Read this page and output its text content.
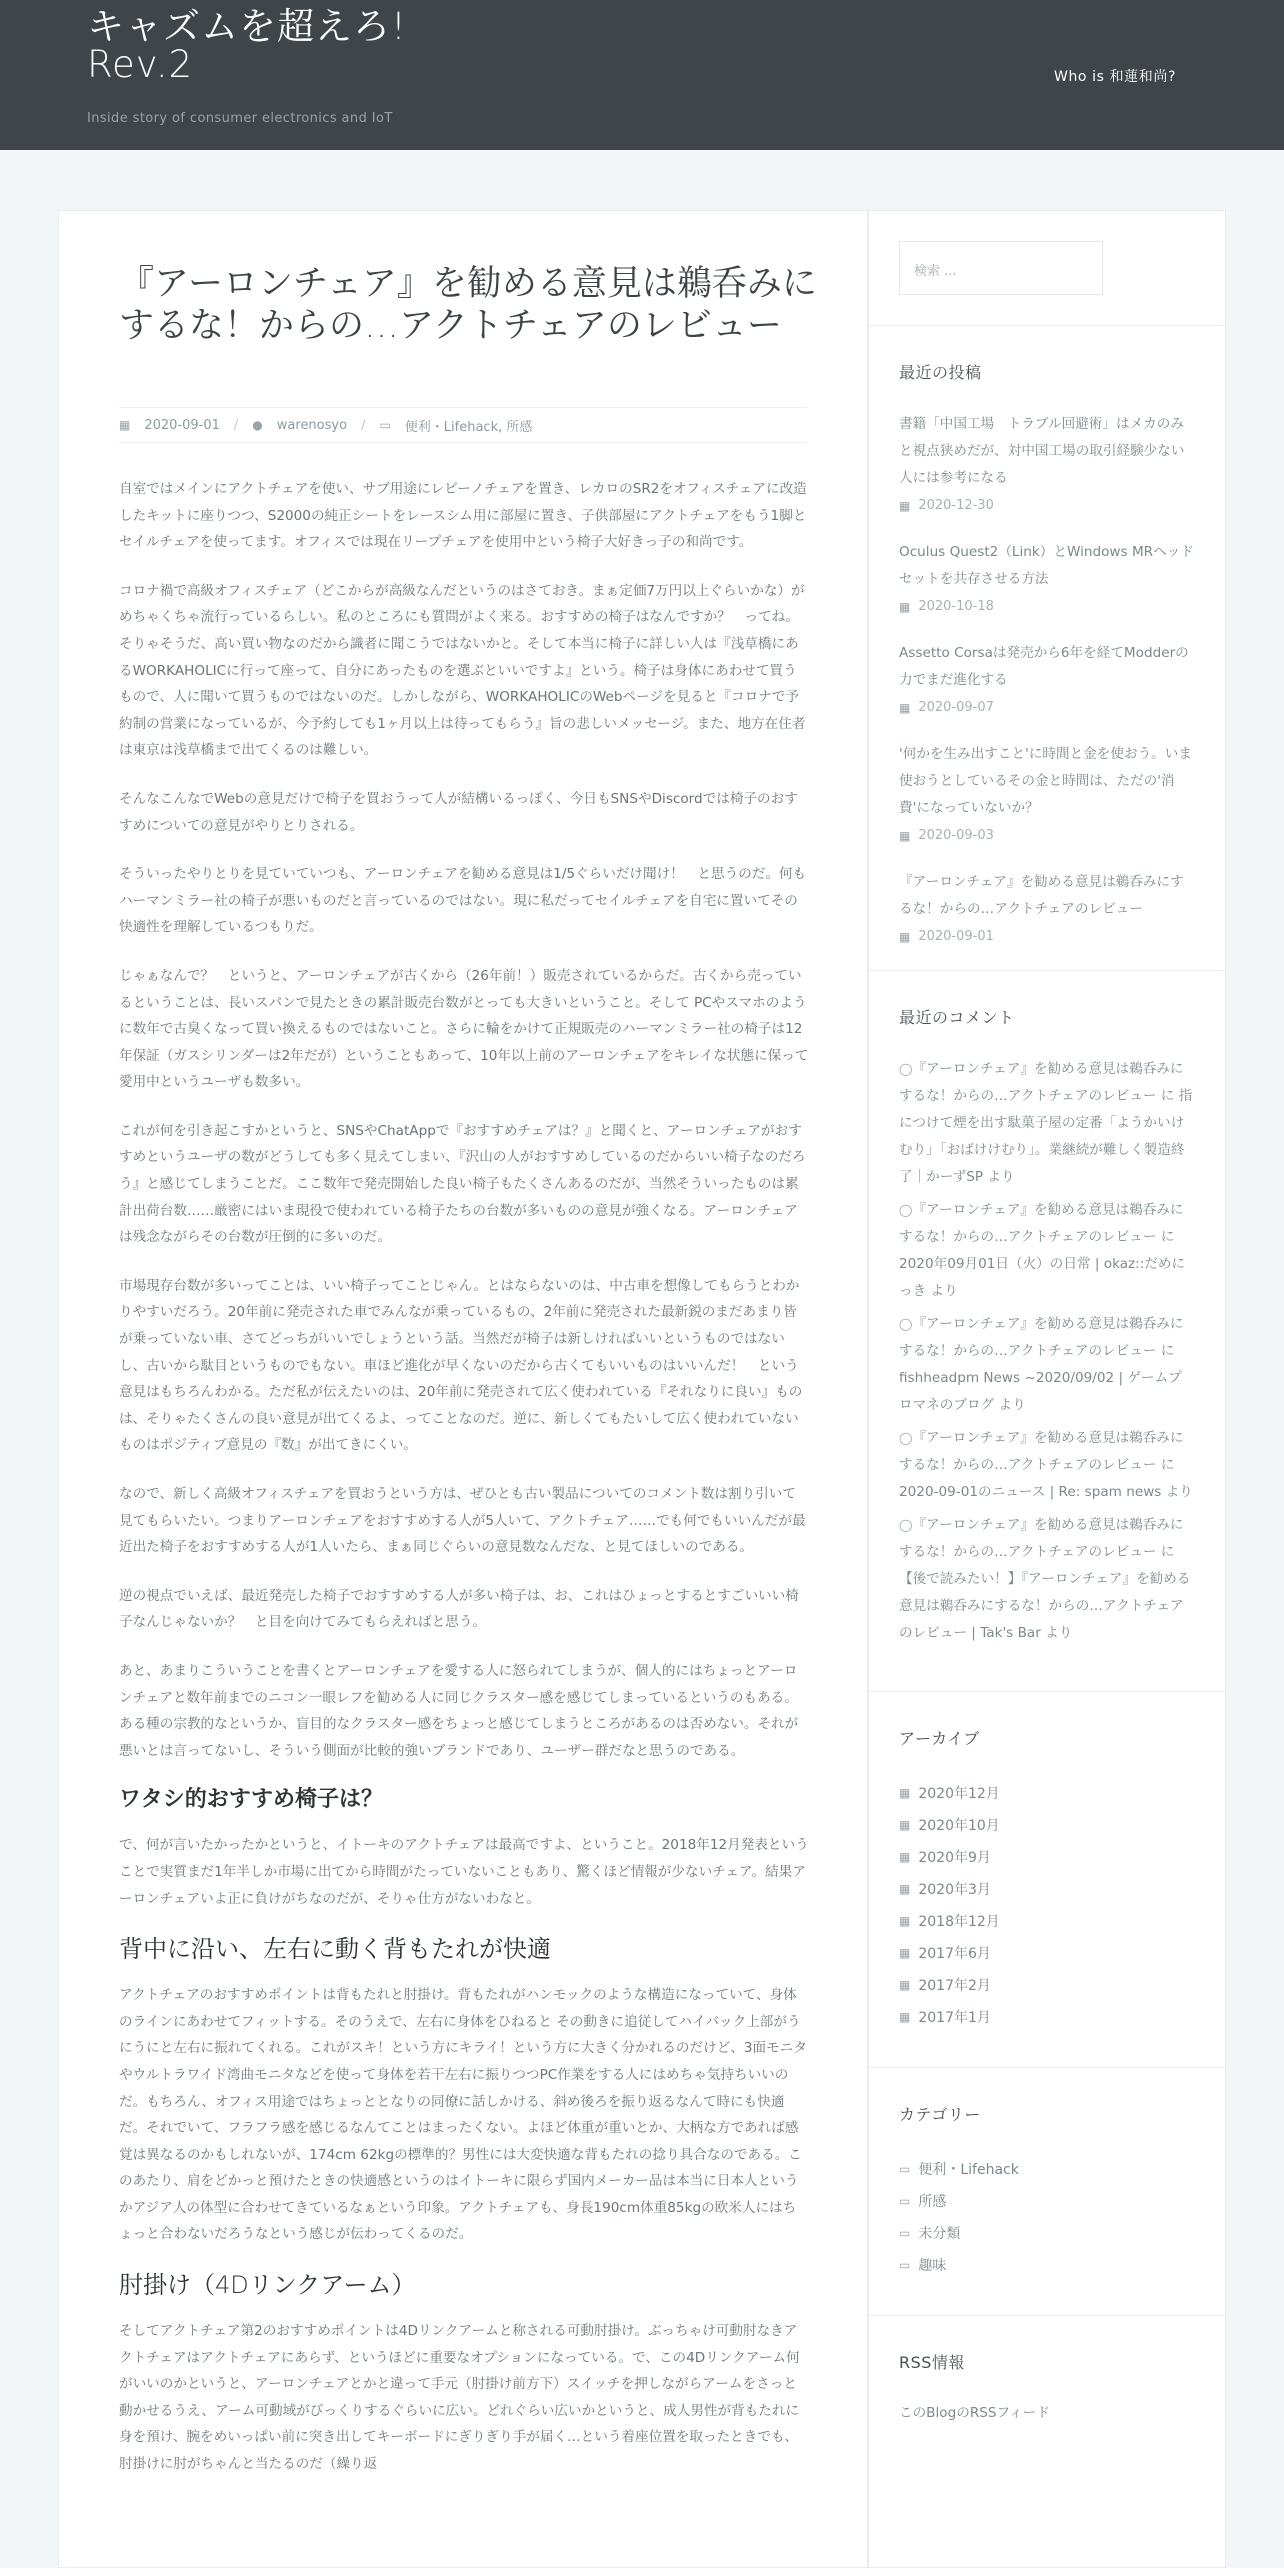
キャズムを超えろ!
Rev.2
Inside story of consumer electronics and IoT
Who is 和蓮和尚?
『アーロンチェア』を勧める意見は鵜呑みにするな！からの…アクトチェアのレビュー
▦ 2020-09-01 / ● warenosyo / ▭ 便利・Lifehack, 所感

自室ではメインにアクトチェアを使い、サブ用途にレビーノチェアを置き、レカロのSR2をオフィスチェアに改造したキットに座りつつ、S2000の純正シートをレースシム用に部屋に置き、子供部屋にアクトチェアをもう1脚とセイルチェアを使ってます。オフィスでは現在リープチェアを使用中という椅子大好きっ子の和尚です。

コロナ禍で高級オフィスチェア（どこからが高級なんだというのはさておき。まぁ定価7万円以上ぐらいかな）がめちゃくちゃ流行っているらしい。私のところにも質問がよく来る。おすすめの椅子はなんですか？　ってね。そりゃそうだ、高い買い物なのだから識者に聞こうではないかと。そして本当に椅子に詳しい人は『浅草橋にあるWORKAHOLICに行って座って、自分にあったものを選ぶといいですよ』という。椅子は身体にあわせて買うもので、人に聞いて買うものではないのだ。しかしながら、WORKAHOLICのWebページを見ると『コロナで予約制の営業になっているが、今予約しても1ヶ月以上は待ってもらう』旨の悲しいメッセージ。また、地方在住者は東京は浅草橋まで出てくるのは難しい。

そんなこんなでWebの意見だけで椅子を買おうって人が結構いるっぽく、今日もSNSやDiscordでは椅子のおすすめについての意見がやりとりされる。

そういったやりとりを見ていていつも、アーロンチェアを勧める意見は1/5ぐらいだけ聞け！　と思うのだ。何もハーマンミラー社の椅子が悪いものだと言っているのではない。現に私だってセイルチェアを自宅に置いてその快適性を理解しているつもりだ。

じゃぁなんで？　というと、アーロンチェアが古くから（26年前！）販売されているからだ。古くから売っているということは、長いスパンで見たときの累計販売台数がとっても大きいということ。そして PCやスマホのように数年で古臭くなって買い換えるものではないこと。さらに輪をかけて正規販売のハーマンミラー社の椅子は12年保証（ガスシリンダーは2年だが）ということもあって、10年以上前のアーロンチェアをキレイな状態に保って愛用中というユーザも数多い。

これが何を引き起こすかというと、SNSやChatAppで『おすすめチェアは？』と聞くと、アーロンチェアがおすすめというユーザの数がどうしても多く見えてしまい、『沢山の人がおすすめしているのだからいい椅子なのだろう』と感じてしまうことだ。ここ数年で発売開始した良い椅子もたくさんあるのだが、当然そういったものは累計出荷台数……厳密にはいま現役で使われている椅子たちの台数が多いものの意見が強くなる。アーロンチェアは残念ながらその台数が圧倒的に多いのだ。

市場現存台数が多いってことは、いい椅子ってことじゃん。とはならないのは、中古車を想像してもらうとわかりやすいだろう。20年前に発売された車でみんなが乗っているもの、2年前に発売された最新鋭のまだあまり皆が乗っていない車、さてどっちがいいでしょうという話。当然だが椅子は新しければいいというものではないし、古いから駄目というものでもない。車ほど進化が早くないのだから古くてもいいものはいいんだ！　という意見はもちろんわかる。ただ私が伝えたいのは、20年前に発売されて広く使われている『それなりに良い』ものは、そりゃたくさんの良い意見が出てくるよ、ってことなのだ。逆に、新しくてもたいして広く使われていないものはポジティブ意見の『数』が出てきにくい。

なので、新しく高級オフィスチェアを買おうという方は、ぜひとも古い製品についてのコメント数は割り引いて見てもらいたい。つまりアーロンチェアをおすすめする人が5人いて、アクトチェア……でも何でもいいんだが最近出た椅子をおすすめする人が1人いたら、まぁ同じぐらいの意見数なんだな、と見てほしいのである。

逆の視点でいえば、最近発売した椅子でおすすめする人が多い椅子は、お、これはひょっとするとすごいいい椅子なんじゃないか？　と目を向けてみてもらえればと思う。

あと、あまりこういうことを書くとアーロンチェアを愛する人に怒られてしまうが、個人的にはちょっとアーロンチェアと数年前までのニコン一眼レフを勧める人に同じクラスター感を感じてしまっているというのもある。ある種の宗教的なというか、盲目的なクラスター感をちょっと感じてしまうところがあるのは否めない。それが悪いとは言ってないし、そういう側面が比較的強いブランドであり、ユーザー群だなと思うのである。

ワタシ的おすすめ椅子は？

で、何が言いたかったかというと、イトーキのアクトチェアは最高ですよ、ということ。2018年12月発表ということで実質まだ1年半しか市場に出てから時間がたっていないこともあり、驚くほど情報が少ないチェア。結果アーロンチェアいよ正に負けがちなのだが、そりゃ仕方がないわなと。

背中に沿い、左右に動く背もたれが快適

アクトチェアのおすすめポイントは背もたれと肘掛け。背もたれがハンモックのような構造になっていて、身体のラインにあわせてフィットする。そのうえで、左右に身体をひねると その動きに追従してハイバック上部がうにうにと左右に振れてくれる。これがスキ！という方にキライ！という方に大きく分かれるのだけど、3面モニタやウルトラワイド湾曲モニタなどを使って身体を若干左右に振りつつPC作業をする人にはめちゃ気持ちいいのだ。もちろん、オフィス用途ではちょっととなりの同僚に話しかける、斜め後ろを振り返るなんて時にも快適だ。それでいて、フラフラ感を感じるなんてことはまったくない。よほど体重が重いとか、大柄な方であれば感覚は異なるのかもしれないが、174cm 62kgの標準的？男性には大変快適な背もたれの捻り具合なのである。このあたり、肩をどかっと預けたときの快適感というのはイトーキに限らず国内メーカー品は本当に日本人というかアジア人の体型に合わせてきているなぁという印象。アクトチェアも、身長190cm体重85kgの欧米人にはちょっと合わないだろうなという感じが伝わってくるのだ。

肘掛け（4Dリンクアーム）

そしてアクトチェア第2のおすすめポイントは4Dリンクアームと称される可動肘掛け。ぶっちゃけ可動肘なきアクトチェアはアクトチェアにあらず、というほどに重要なオプションになっている。で、この4Dリンクアーム何がいいのかというと、アーロンチェアとかと違って手元（肘掛け前方下）スイッチを押しながらアームをさっと動かせるうえ、アーム可動域がびっくりするぐらいに広い。どれぐらい広いかというと、成人男性が背もたれに身を預け、腕をめいっぱい前に突き出してキーボードにぎりぎり手が届く…という着座位置を取ったときでも、肘掛けに肘がちゃんと当たるのだ（繰り返

検索 ...
最近の投稿
書籍「中国工場　トラブル回避術」はメカのみと視点狭めだが、対中国工場の取引経験少ない人には参考になる
▦ 2020-12-30
Oculus Quest2（Link）とWindows MRヘッドセットを共存させる方法
▦ 2020-10-18
Assetto Corsaは発売から6年を経てModderの力でまだ進化する
▦ 2020-09-07
'何かを生み出すこと'に時間と金を使おう。いま使おうとしているその金と時間は、ただの'消費'になっていないか？
▦ 2020-09-03
『アーロンチェア』を勧める意見は鵜呑みにするな！からの…アクトチェアのレビュー
▦ 2020-09-01
最近のコメント
◯『アーロンチェア』を勧める意見は鵜呑みにするな！からの…アクトチェアのレビュー に 指につけて煙を出す駄菓子屋の定番「ようかいけむり」「おばけけむり」。業継続が難しく製造終了｜かーずSP より
◯『アーロンチェア』を勧める意見は鵜呑みにするな！からの…アクトチェアのレビュー に 2020年09月01日（火）の日常 | okaz::だめにっき より
◯『アーロンチェア』を勧める意見は鵜呑みにするな！からの…アクトチェアのレビュー に fishheadpm News ~2020/09/02 | ゲームプロマネのブログ より
◯『アーロンチェア』を勧める意見は鵜呑みにするな！からの…アクトチェアのレビュー に 2020-09-01のニュース | Re: spam news より
◯『アーロンチェア』を勧める意見は鵜呑みにするな！からの…アクトチェアのレビュー に 【後で読みたい！】『アーロンチェア』を勧める意見は鵜呑みにするな！からの…アクトチェアのレビュー | Tak's Bar より
アーカイブ
▦ 2020年12月
▦ 2020年10月
▦ 2020年9月
▦ 2020年3月
▦ 2018年12月
▦ 2017年6月
▦ 2017年2月
▦ 2017年1月
カテゴリー
▭ 便利・Lifehack
▭ 所感
▭ 未分類
▭ 趣味
RSS情報
このBlogのRSSフィード
